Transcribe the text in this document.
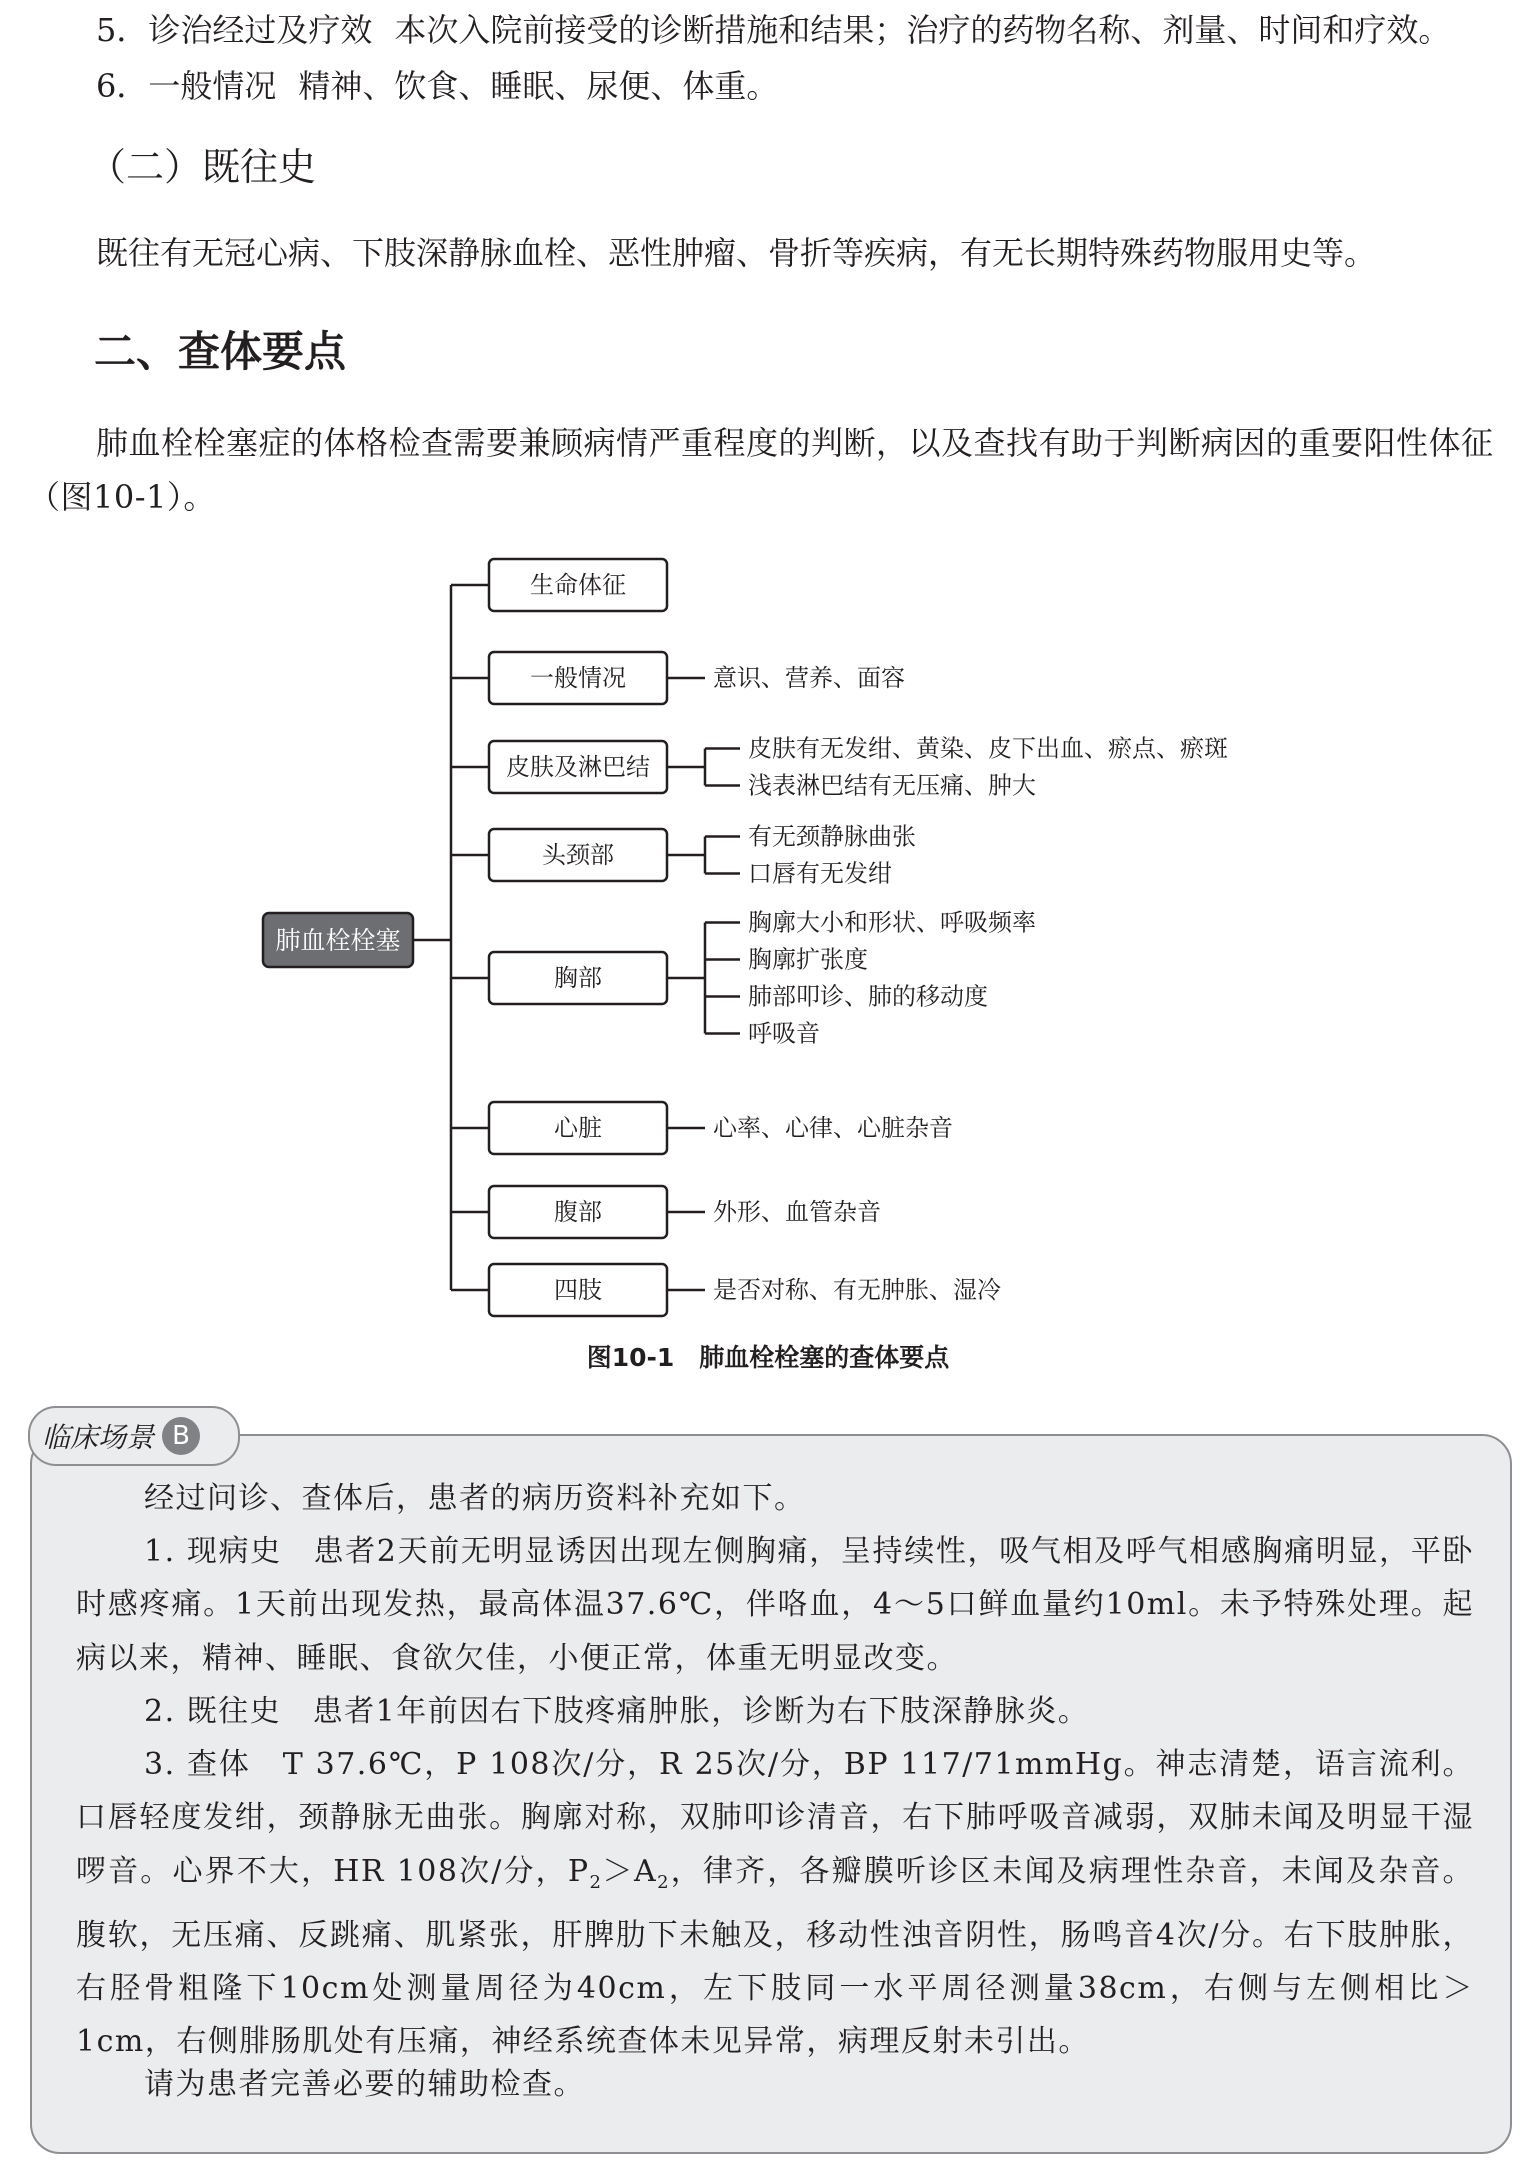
5．诊治经过及疗效 本次入院前接受的诊断措施和结果；治疗的药物名称、剂量、时间和疗效。
6．一般情况 精神、饮食、睡眠、尿便、体重。
（二）既往史
既往有无冠心病、下肢深静脉血栓、恶性肿瘤、骨折等疾病，有无长期特殊药物服用史等。
二、查体要点
肺血栓栓塞症的体格检查需要兼顾病情严重程度的判断，以及查找有助于判断病因的重要阳性体征（图10-1）。
肺血栓栓塞
生命体征
一般情况	意识、营养、面容
皮肤及淋巴结
皮肤有无发绀、黄染、皮下出血、瘀点、瘀斑
浅表淋巴结有无压痛、肿大
头颈部
有无颈静脉曲张
口唇有无发绀
胸部
胸廓大小和形状、呼吸频率
胸廓扩张度
肺部叩诊、肺的移动度
呼吸音
心脏	心率、心律、心脏杂音
腹部	外形、血管杂音
四肢	是否对称、有无肿胀、湿冷
图10-1　肺血栓栓塞的查体要点
临床场景 B
经过问诊、查体后，患者的病历资料补充如下。
1. 现病史　患者2天前无明显诱因出现左侧胸痛，呈持续性，吸气相及呼气相感胸痛明显，平卧时感疼痛。1天前出现发热，最高体温37.6℃，伴咯血，4～5口鲜血量约10ml。未予特殊处理。起病以来，精神、睡眠、食欲欠佳，小便正常，体重无明显改变。
2. 既往史　患者1年前因右下肢疼痛肿胀，诊断为右下肢深静脉炎。
3. 查体　T 37.6℃，P 108次/分，R 25次/分，BP 117/71mmHg。神志清楚，语言流利。口唇轻度发绀，颈静脉无曲张。胸廓对称，双肺叩诊清音，右下肺呼吸音减弱，双肺未闻及明显干湿啰音。心界不大，HR 108次/分，$P_2>A_2$，律齐，各瓣膜听诊区未闻及病理性杂音，未闻及杂音。腹软，无压痛、反跳痛、肌紧张，肝脾肋下未触及，移动性浊音阴性，肠鸣音4次/分。右下肢肿胀，右胫骨粗隆下10cm处测量周径为40cm，左下肢同一水平周径测量38cm，右侧与左侧相比＞1cm，右侧腓肠肌处有压痛，神经系统查体未见异常，病理反射未引出。
请为患者完善必要的辅助检查。
